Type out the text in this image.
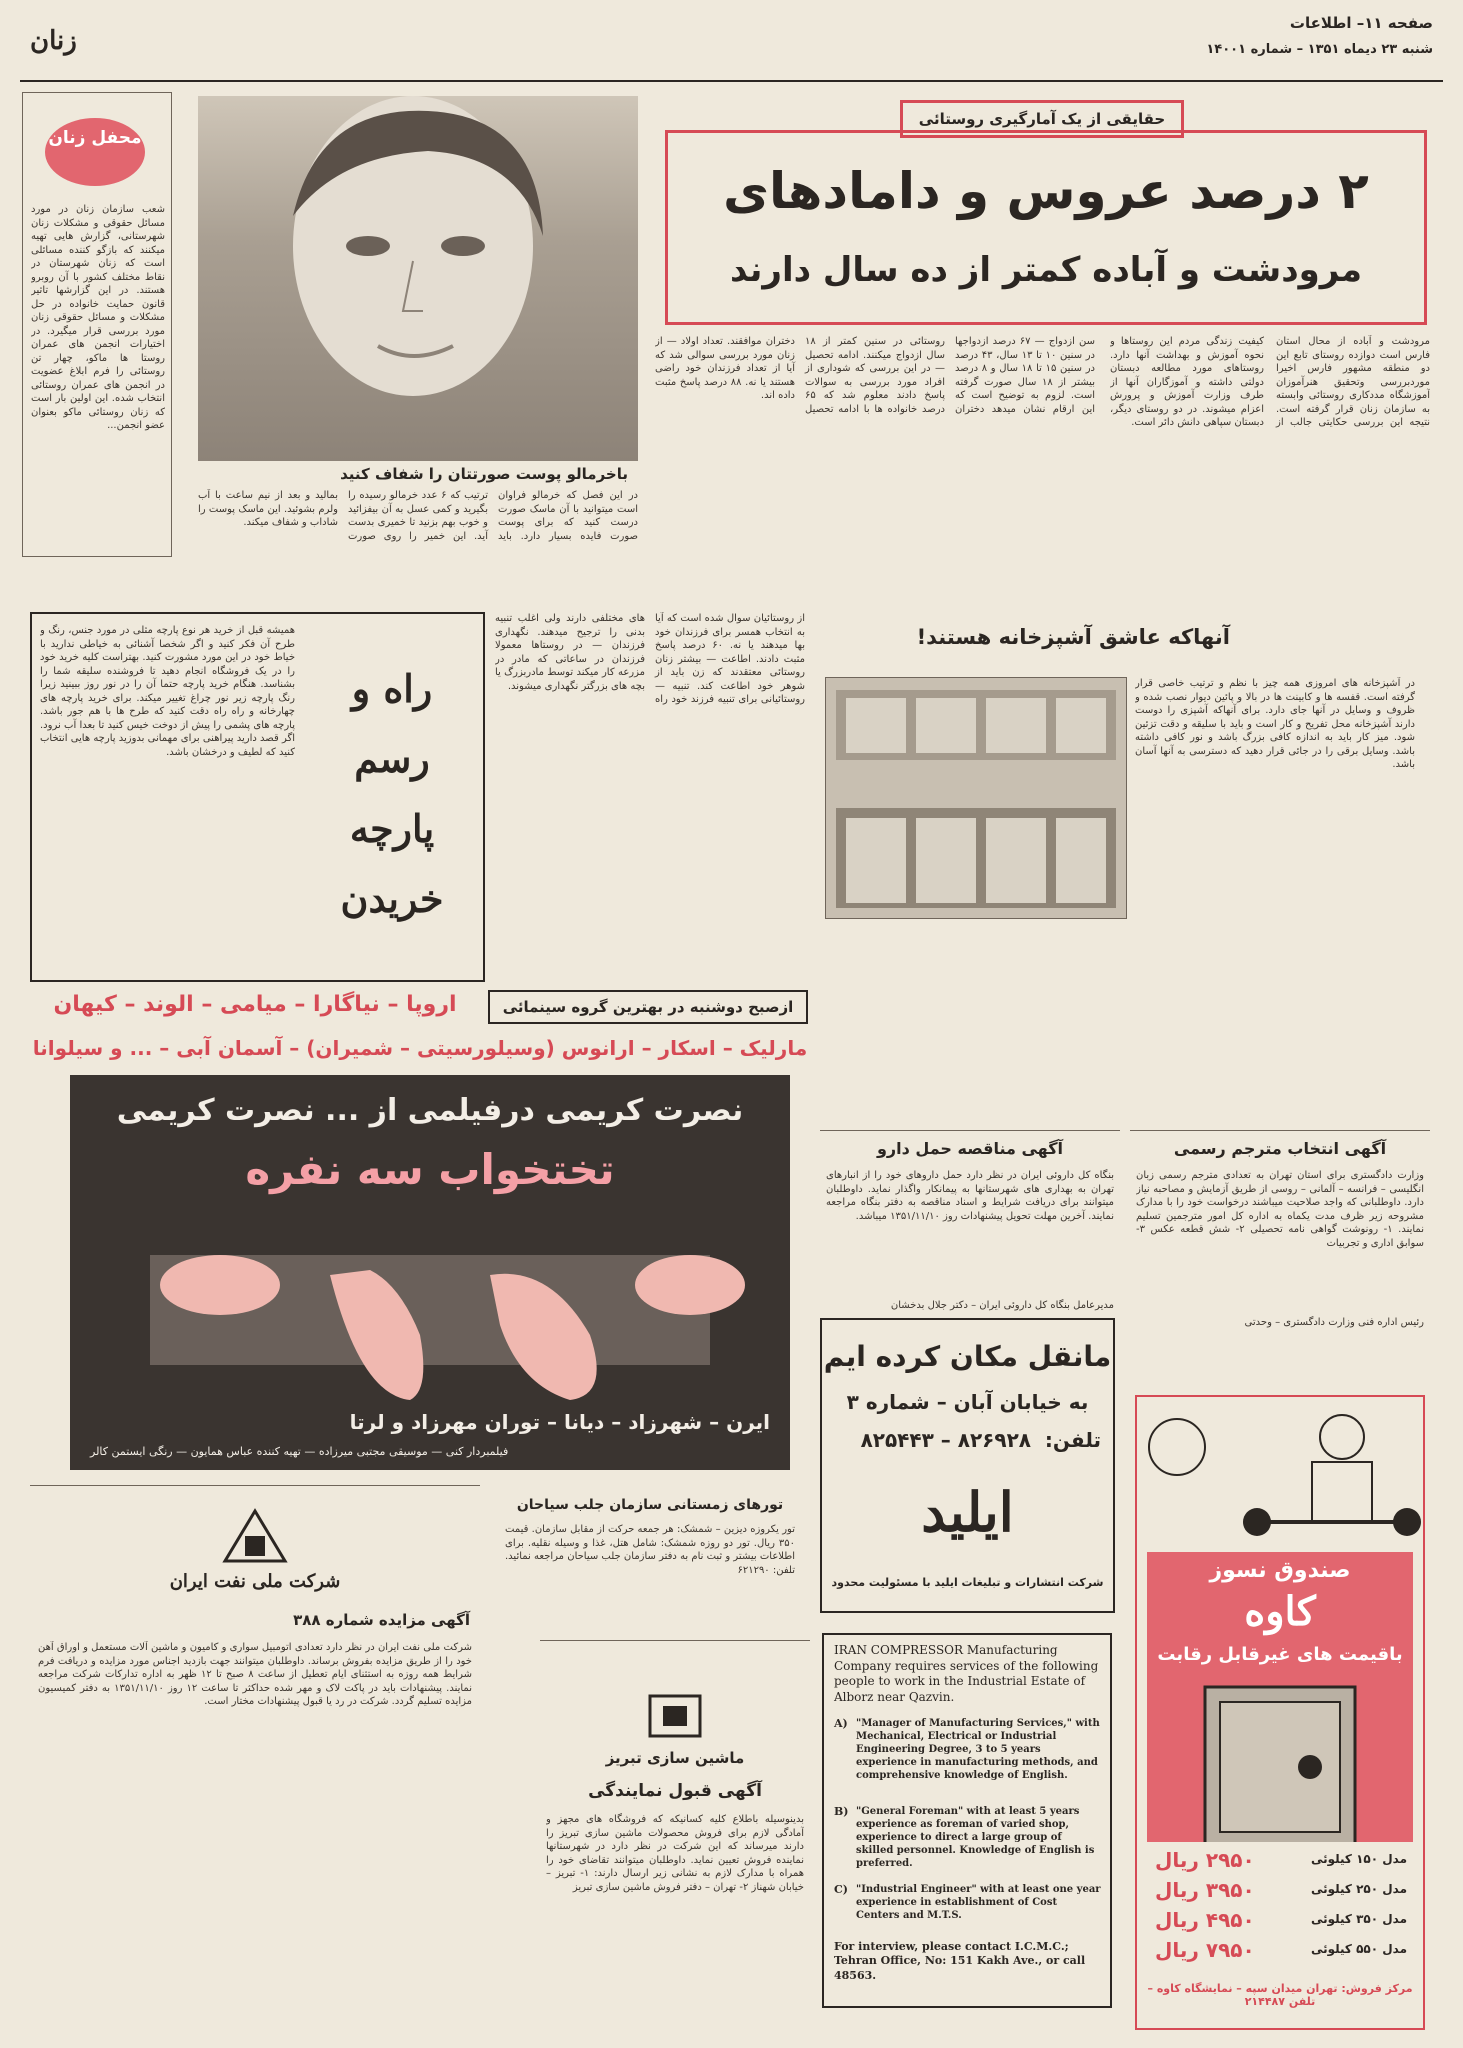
صفحه ۱۱– اطلاعات
شنبه ۲۳ دیماه ۱۳۵۱ – شماره ۱۴۰۰۱
زنان
محفل زنان
شعب سازمان زنان در مورد مسائل حقوقی و مشکلات زنان شهرستانی، گزارش هایی تهیه میکنند که بازگو کننده مسائلی است که زنان شهرستان در نقاط مختلف کشور با آن روبرو هستند. در این گزارشها تاثیر قانون حمایت خانواده در حل مشکلات و مسائل حقوقی زنان مورد بررسی قرار میگیرد. در اختیارات انجمن های عمران روستا ها ماکو، چهار تن روستائی را فرم ابلاغ عضویت در انجمن های عمران روستائی انتخاب شده. این اولین بار است که زنان روستائی ماکو بعنوان عضو انجمن...
باخرمالو پوست صورتتان را شفاف کنید
در این فصل که خرمالو فراوان است میتوانید با آن ماسک صورت درست کنید که برای پوست صورت فایده بسیار دارد. باید ترتیب که ۶ عدد خرمالو رسیده را بگیرید و کمی عسل به آن بیفزائید و خوب بهم بزنید تا خمیری بدست آید. این خمیر را روی صورت بمالید و بعد از نیم ساعت با آب ولرم بشوئید. این ماسک پوست را شاداب و شفاف میکند.
حقایقی از یک آمارگیری روستائی
۲ درصد عروس و دامادهای
مرودشت و آباده کمتر از ده سال دارند
مرودشت و آباده از محال استان فارس است دوازده روستای تابع این دو منطقه مشهور فارس اخیرا موردبررسی وتحقیق هنرآموزان آموزشگاه مددکاری روستائی وابسته به سازمان زنان قرار گرفته است. نتیجه این بررسی حکایتی جالب از کیفیت زندگی مردم این روستاها و نحوه آموزش و بهداشت آنها دارد. روستاهای مورد مطالعه دبستان دولتی داشته و آموزگاران آنها از طرف وزارت آموزش و پرورش اعزام میشوند. در دو روستای دیگر، دبستان سپاهی دانش دائر است.
سن ازدواج — ۶۷ درصد ازدواجها در سنین ۱۰ تا ۱۳ سال، ۴۳ درصد در سنین ۱۵ تا ۱۸ سال و ۸ درصد بیشتر از ۱۸ سال صورت گرفته است. لزوم به توضیح است که این ارقام نشان میدهد دختران روستائی در سنین کمتر از ۱۸ سال ازدواج میکنند. ادامه تحصیل — در این بررسی که شوداری از افراد مورد بررسی به سوالات پاسخ دادند معلوم شد که ۶۵ درصد خانواده ها با ادامه تحصیل دختران موافقند. تعداد اولاد — از زنان مورد بررسی سوالی شد که آیا از تعداد فرزندان خود راضی هستند یا نه. ۸۸ درصد پاسخ مثبت داده اند.
همیشه قبل از خرید هر نوع پارچه مثلی در مورد جنس، رنگ و طرح آن فکر کنید و اگر شخصا آشنائی به خیاطی ندارید با خیاط خود در این مورد مشورت کنید. بهتراست کلیه خرید خود را در یک فروشگاه انجام دهید تا فروشنده سلیقه شما را بشناسد. هنگام خرید پارچه حتما آن را در نور روز ببینید زیرا رنگ پارچه زیر نور چراغ تغییر میکند. برای خرید پارچه های چهارخانه و راه راه دقت کنید که طرح ها با هم جور باشد. پارچه های پشمی را پیش از دوخت خیس کنید تا بعدا آب نرود. اگر قصد دارید پیراهنی برای مهمانی بدوزید پارچه هایی انتخاب کنید که لطیف و درخشان باشد.
راه و رسم پارچه خریدن
از روستائیان سوال شده است که آیا به انتخاب همسر برای فرزندان خود بها میدهند یا نه. ۶۰ درصد پاسخ مثبت دادند. اطاعت — بیشتر زنان روستائی معتقدند که زن باید از شوهر خود اطاعت کند. تنبیه — روستائیانی برای تنبیه فرزند خود راه های مختلفی دارند ولی اغلب تنبیه بدنی را ترجیح میدهند. نگهداری فرزندان — در روستاها معمولا فرزندان در ساعاتی که مادر در مزرعه کار میکند توسط مادربزرگ یا بچه های بزرگتر نگهداری میشوند.
آنهاکه عاشق آشپزخانه هستند!
در آشپزخانه های امروزی همه چیز با نظم و ترتیب خاصی قرار گرفته است. قفسه ها و کابینت ها در بالا و پائین دیوار نصب شده و ظروف و وسایل در آنها جای دارد. برای آنهاکه آشپزی را دوست دارند آشپزخانه محل تفریح و کار است و باید با سلیقه و دقت تزئین شود. میز کار باید به اندازه کافی بزرگ باشد و نور کافی داشته باشد. وسایل برقی را در جائی قرار دهید که دسترسی به آنها آسان باشد.
ازصبح دوشنبه در بهترین گروه سینمائی
اروپا – نیاگارا – میامی – الوند – کیهان
مارلیک – اسکار – ارانوس (وسیلورسیتی – شمیران) – آسمان آبی – ... و سیلوانا
نصرت کریمی درفیلمی از ... نصرت کریمی
تختخواب سه نفره
ایرن – شهرزاد – دیانا – توران مهرزاد و لرتا
فیلمبردار کنی — موسیقی مجتبی میرزاده — تهیه کننده عباس همایون — رنگی ایستمن کالر
آگهی مناقصه حمل دارو
بنگاه کل داروئی ایران در نظر دارد حمل داروهای خود را از انبارهای تهران به بهداری های شهرستانها به پیمانکار واگذار نماید. داوطلبان میتوانند برای دریافت شرایط و اسناد مناقصه به دفتر بنگاه مراجعه نمایند. آخرین مهلت تحویل پیشنهادات روز ۱۳۵۱/۱۱/۱۰ میباشد.
مدیرعامل بنگاه کل داروئی ایران – دکتر جلال بدخشان
آگهی انتخاب مترجم رسمی
وزارت دادگستری برای استان تهران به تعدادی مترجم رسمی زبان انگلیسی – فرانسه – آلمانی – روسی از طریق آزمایش و مصاحبه نیاز دارد. داوطلبانی که واجد صلاحیت میباشند درخواست خود را با مدارک مشروحه زیر ظرف مدت یکماه به اداره کل امور مترجمین تسلیم نمایند. ۱- رونوشت گواهی نامه تحصیلی ۲- شش قطعه عکس ۳- سوابق اداری و تجربیات
رئیس اداره فنی وزارت دادگستری – وحدتی
مانقل مکان کرده ایم
به خیابان آبان – شماره ۳
تلفن:
۸۲۶۹۲۸ – ۸۲۵۴۴۳
ایلید
شرکت انتشارات و تبلیغات ایلید با مسئولیت محدود	صندوق نسوز
کاوه
باقیمت های غیرقابل رقابت
مدل ۱۵۰ کیلوئی
۲۹۵۰ ریال
مدل ۲۵۰ کیلوئی
۳۹۵۰ ریال
مدل ۳۵۰ کیلوئی
۴۹۵۰ ریال
مدل ۵۵۰ کیلوئی
۷۹۵۰ ریال
مرکز فروش: تهران میدان سپه – نمایشگاه کاوه – تلفن ۲۱۴۴۸۷
شرکت ملی نفت ایران
آگهی مزایده شماره ۳۸۸
شرکت ملی نفت ایران در نظر دارد تعدادی اتومبیل سواری و کامیون و ماشین آلات مستعمل و اوراق آهن خود را از طریق مزایده بفروش برساند. داوطلبان میتوانند جهت بازدید اجناس مورد مزایده و دریافت فرم شرایط همه روزه به استثنای ایام تعطیل از ساعت ۸ صبح تا ۱۲ ظهر به اداره تدارکات شرکت مراجعه نمایند. پیشنهادات باید در پاکت لاک و مهر شده حداکثر تا ساعت ۱۲ روز ۱۳۵۱/۱۱/۱۰ به دفتر کمیسیون مزایده تسلیم گردد. شرکت در رد یا قبول پیشنهادات مختار است.
تورهای زمستانی سازمان جلب سیاحان
تور یکروزه دیزین – شمشک: هر جمعه حرکت از مقابل سازمان. قیمت ۳۵۰ ریال. تور دو روزه شمشک: شامل هتل، غذا و وسیله نقلیه. برای اطلاعات بیشتر و ثبت نام به دفتر سازمان جلب سیاحان مراجعه نمائید. تلفن: ۶۲۱۲۹۰
ماشین سازی تبریز
آگهی قبول نمایندگی
بدینوسیله باطلاع کلیه کسانیکه که فروشگاه های مجهز و آمادگی لازم برای فروش محصولات ماشین سازی تبریز را دارند میرساند که این شرکت در نظر دارد در شهرستانها نماینده فروش تعیین نماید. داوطلبان میتوانند تقاضای خود را همراه با مدارک لازم به نشانی زیر ارسال دارند: ۱- تبریز – خیابان شهناز ۲- تهران – دفتر فروش ماشین سازی تبریز
IRAN COMPRESSOR Manufacturing Company requires services of the following people to work in the Industrial Estate of Alborz near Qazvin.
A) "Manager of Manufacturing Services," with Mechanical, Electrical or Industrial Engineering Degree, 3 to 5 years experience in manufacturing methods, and comprehensive knowledge of English.
B) "General Foreman" with at least 5 years experience as foreman of varied shop, experience to direct a large group of skilled personnel. Knowledge of English is preferred.
C) "Industrial Engineer" with at least one year experience in establishment of Cost Centers and M.T.S.
For interview, please contact I.C.M.C.; Tehran Office, No: 151 Kakh Ave., or call 48563.
